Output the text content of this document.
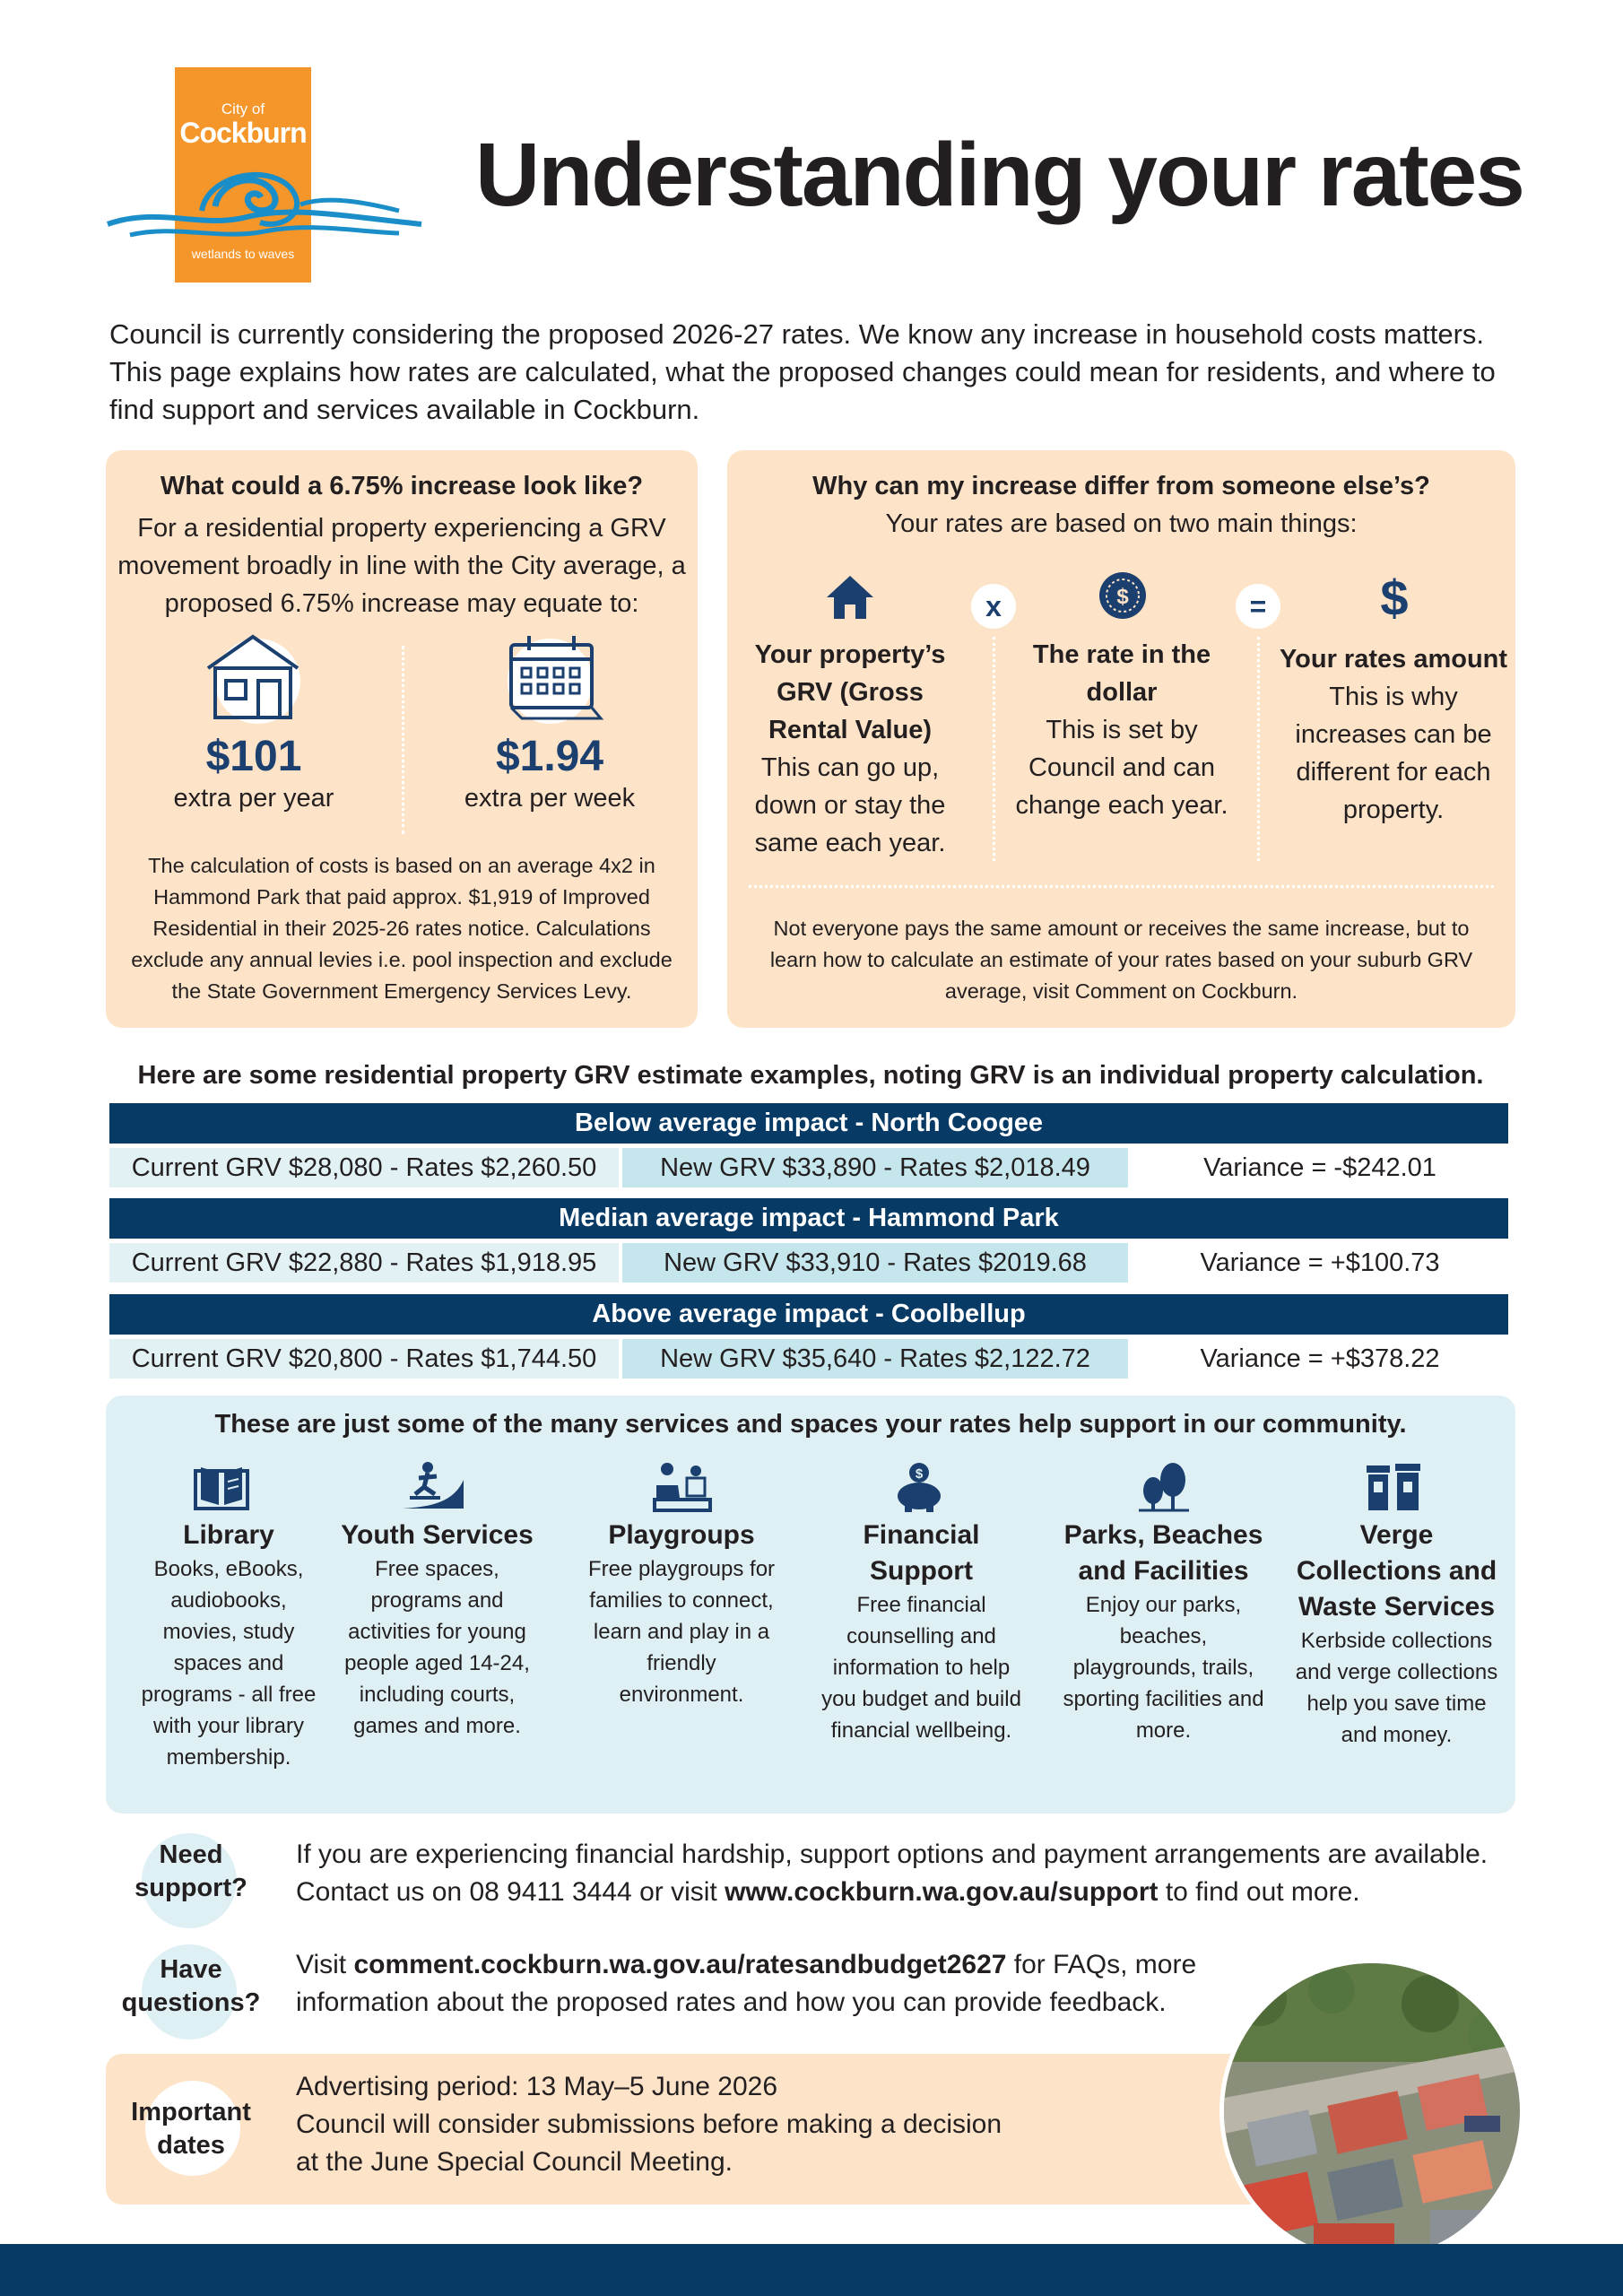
City of
Cockburn
wetlands to waves
Understanding your rates
Council is currently considering the proposed 2026-27 rates. We know any increase in household costs matters. This page explains how rates are calculated, what the proposed changes could mean for residents, and where to find support and services available in Cockburn.
What could a 6.75% increase look like?
For a residential property experiencing a GRV movement broadly in line with the City average, a proposed 6.75% increase may equate to:
$101
extra per year
$1.94
extra per week
The calculation of costs is based on an average 4x2 in Hammond Park that paid approx. $1,919 of Improved Residential in their 2025-26 rates notice. Calculations exclude any annual levies i.e. pool inspection and exclude the State Government Emergency Services Levy.
Why can my increase differ from someone else’s?
Your rates are based on two main things:
$	$
x	=
Your property’s GRV (Gross Rental Value)
This can go up, down or stay the same each year.
The rate in the dollar
This is set by Council and can change each year.
Your rates amount
This is why increases can be different for each property.
Not everyone pays the same amount or receives the same increase, but to learn how to calculate an estimate of your rates based on your suburb GRV average, visit Comment on Cockburn.
Here are some residential property GRV estimate examples, noting GRV is an individual property calculation.
Below average impact - North Coogee
Current GRV $28,080 - Rates $2,260.50	New GRV $33,890 - Rates $2,018.49	Variance = -$242.01
Median average impact - Hammond Park
Current GRV $22,880 - Rates $1,918.95	New GRV $33,910 - Rates $2019.68	Variance = +$100.73
Above average impact - Coolbellup
Current GRV $20,800 - Rates $1,744.50	New GRV $35,640 - Rates $2,122.72	Variance = +$378.22
These are just some of the many services and spaces your rates help support in our community.
$
Library
Books, eBooks, audiobooks, movies, study spaces and programs - all free with your library membership.
Youth Services
Free spaces, programs and activities for young people aged 14-24, including courts, games and more.
Playgroups
Free playgroups for families to connect, learn and play in a friendly environment.
Financial Support
Free financial counselling and information to help you budget and build financial wellbeing.
Parks, Beaches and Facilities
Enjoy our parks, beaches, playgrounds, trails, sporting facilities and more.
Verge Collections and Waste Services
Kerbside collections and verge collections help you save time and money.
Need support?
If you are experiencing financial hardship, support options and payment arrangements are available.
Contact us on 08 9411 3444 or visit www.cockburn.wa.gov.au/support to find out more.
Have questions?
Visit comment.cockburn.wa.gov.au/ratesandbudget2627 for FAQs, more
information about the proposed rates and how you can provide feedback.
Important dates
Advertising period: 13 May–5 June 2026
Council will consider submissions before making a decision
at the June Special Council Meeting.
